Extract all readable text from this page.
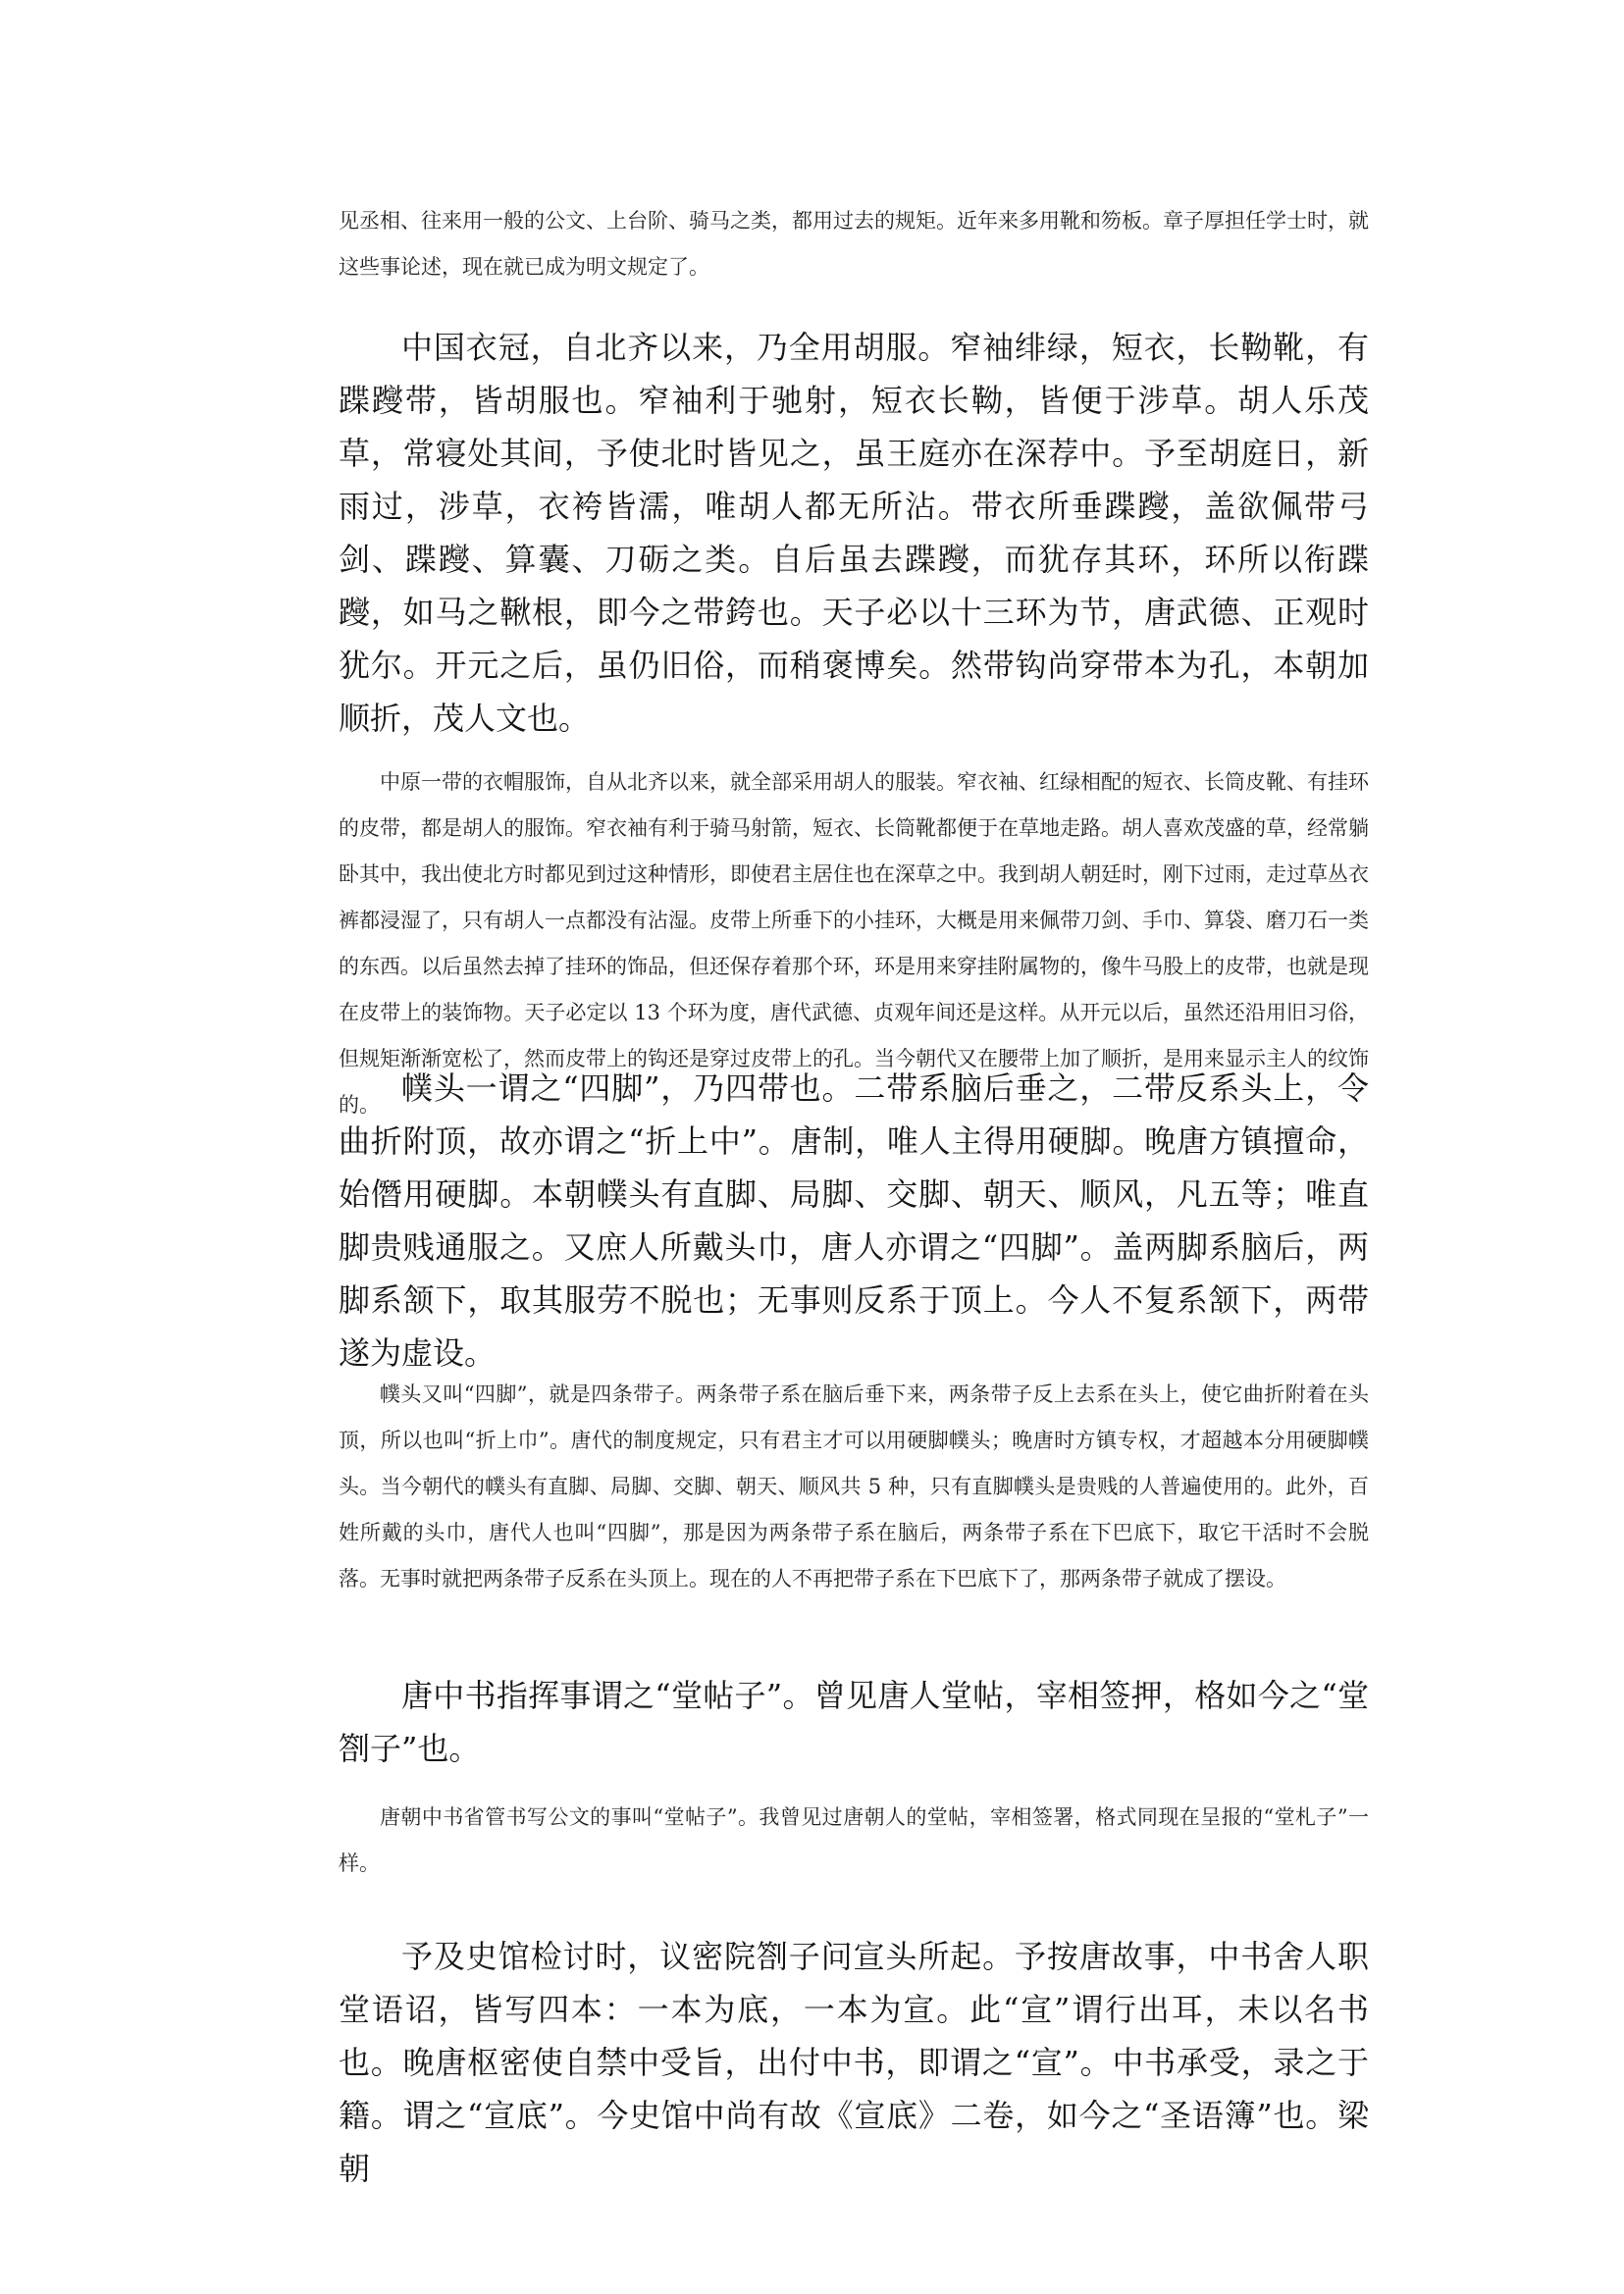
见丞相、往来用一般的公文、上台阶、骑马之类，都用过去的规矩。近年来多用靴和笏板。章子厚担任学士时，就这些事论述，现在就已成为明文规定了。

中国衣冠，自北齐以来，乃全用胡服。窄袖绯绿，短衣，长靿靴，有蹀躞带，皆胡服也。窄袖利于驰射，短衣长靿，皆便于涉草。胡人乐茂草，常寝处其间，予使北时皆见之，虽王庭亦在深荐中。予至胡庭日，新雨过，涉草，衣袴皆濡，唯胡人都无所沾。带衣所垂蹀躞，盖欲佩带弓剑、蹀躞、算囊、刀砺之类。自后虽去蹀躞，而犹存其环，环所以衔蹀躞，如马之鞦根，即今之带銙也。天子必以十三环为节，唐武德、正观时犹尔。开元之后，虽仍旧俗，而稍褒博矣。然带钩尚穿带本为孔，本朝加顺折，茂人文也。

中原一带的衣帽服饰，自从北齐以来，就全部采用胡人的服装。窄衣袖、红绿相配的短衣、长筒皮靴、有挂环的皮带，都是胡人的服饰。窄衣袖有利于骑马射箭，短衣、长筒靴都便于在草地走路。胡人喜欢茂盛的草，经常躺卧其中，我出使北方时都见到过这种情形，即使君主居住也在深草之中。我到胡人朝廷时，刚下过雨，走过草丛衣裤都浸湿了，只有胡人一点都没有沾湿。皮带上所垂下的小挂环，大概是用来佩带刀剑、手巾、算袋、磨刀石一类的东西。以后虽然去掉了挂环的饰品，但还保存着那个环，环是用来穿挂附属物的，像牛马股上的皮带，也就是现在皮带上的装饰物。天子必定以 13 个环为度，唐代武德、贞观年间还是这样。从开元以后，虽然还沿用旧习俗，但规矩渐渐宽松了，然而皮带上的钩还是穿过皮带上的孔。当今朝代又在腰带上加了顺折，是用来显示主人的纹饰的。 幞头一谓之“四脚”，乃四带也。二带系脑后垂之，二带反系头上，令曲折附顶，故亦谓之“折上中”。唐制，唯人主得用硬脚。晚唐方镇擅命，始僭用硬脚。本朝幞头有直脚、局脚、交脚、朝天、顺风，凡五等；唯直脚贵贱通服之。又庶人所戴头巾，唐人亦谓之“四脚”。盖两脚系脑后，两脚系颔下，取其服劳不脱也；无事则反系于顶上。今人不复系颔下，两带遂为虚设。

幞头又叫“四脚”，就是四条带子。两条带子系在脑后垂下来，两条带子反上去系在头上，使它曲折附着在头顶，所以也叫“折上巾”。唐代的制度规定，只有君主才可以用硬脚幞头；晚唐时方镇专权，才超越本分用硬脚幞头。当今朝代的幞头有直脚、局脚、交脚、朝天、顺风共 5 种，只有直脚幞头是贵贱的人普遍使用的。此外，百姓所戴的头巾，唐代人也叫“四脚”，那是因为两条带子系在脑后，两条带子系在下巴底下，取它干活时不会脱落。无事时就把两条带子反系在头顶上。现在的人不再把带子系在下巴底下了，那两条带子就成了摆设。

唐中书指挥事谓之“堂帖子”。曾见唐人堂帖，宰相签押，格如今之“堂劄子”也。

唐朝中书省管书写公文的事叫“堂帖子”。我曾见过唐朝人的堂帖，宰相签署，格式同现在呈报的“堂札子”一样。

予及史馆检讨时，议密院劄子问宣头所起。予按唐故事，中书舍人职堂语诏，皆写四本：一本为底，一本为宣。此“宣”谓行出耳，未以名书也。晚唐枢密使自禁中受旨，出付中书，即谓之“宣”。中书承受，录之于籍。谓之“宣底”。今史馆中尚有故《宣底》二卷，如今之“圣语簿”也。梁朝
